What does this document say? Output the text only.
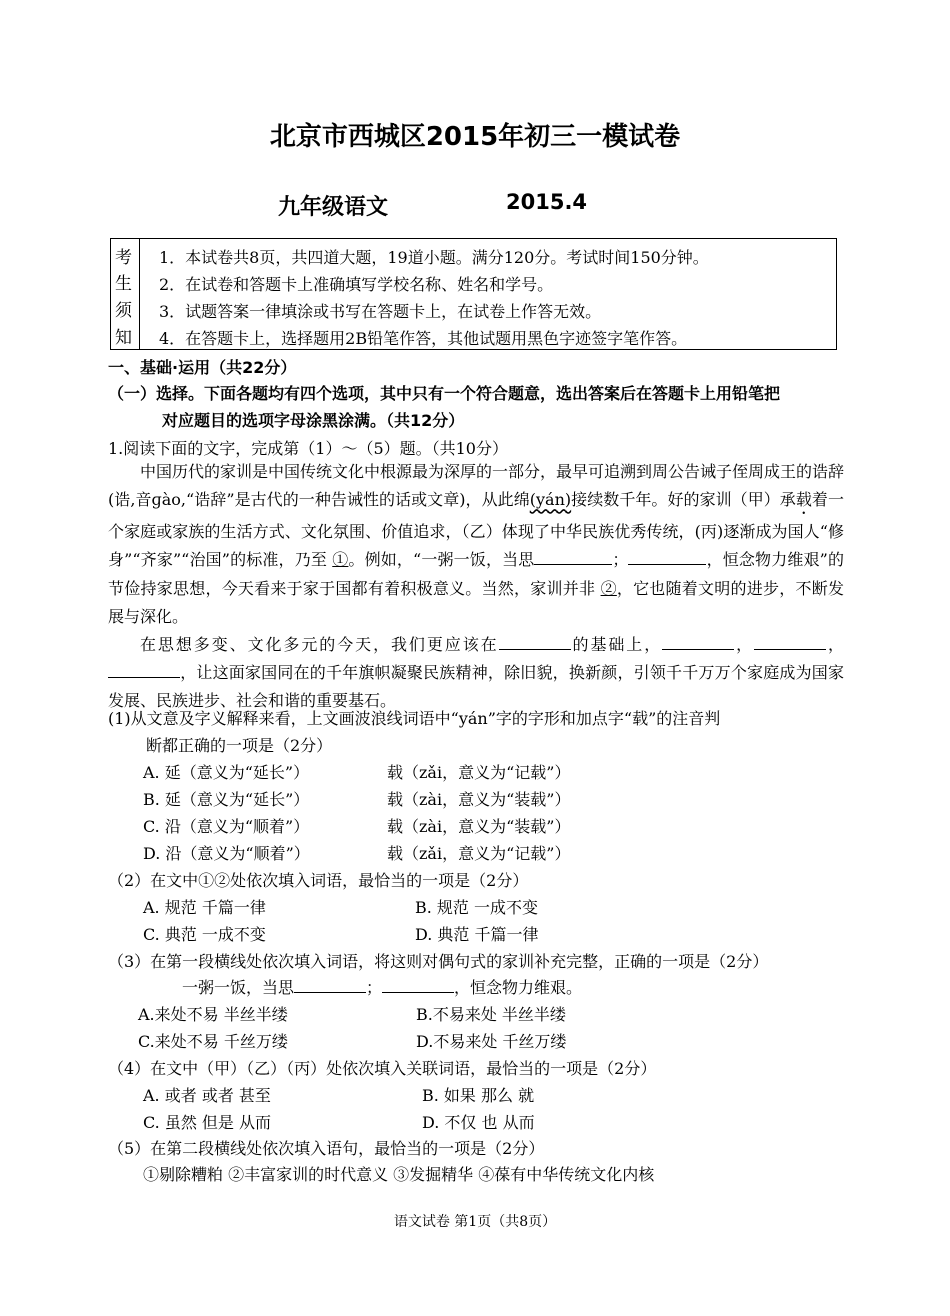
北京市西城区2015年初三一模试卷
九年级语文	2015.4
考
生
须
知
1．本试卷共8页，共四道大题，19道小题。满分120分。考试时间150分钟。
2．在试卷和答题卡上准确填写学校名称、姓名和学号。
3．试题答案一律填涂或书写在答题卡上，在试卷上作答无效。
4．在答题卡上，选择题用2B铅笔作答，其他试题用黑色字迹签字笔作答。
一、基础·运用（共22分）
（一）选择。下面各题均有四个选项，其中只有一个符合题意，选出答案后在答题卡上用铅笔把
对应题目的选项字母涂黑涂满。（共12分）
1.阅读下面的文字，完成第（1）～（5）题。（共10分）

中国历代的家训是中国传统文化中根源最为深厚的一部分，最早可追溯到周公告诫子侄周成王的诰辞(诰,音ɡào,“诰辞”是古代的一种告诫性的话或文章)，从此绵(yán)接续数千年。好的家训（甲）承载着一个家庭或家族的生活方式、文化氛围、价值追求，（乙）体现了中华民族优秀传统，(丙)逐渐成为国人“修身”“齐家”“治国”的标准，乃至 ①。例如，“一粥一饭，当思	；	，恒念物力维艰”的节俭持家思想，今天看来于家于国都有着积极意义。当然，家训并非 ②，它也随着文明的进步，不断发展与深化。

在思想多变、文化多元的今天，我们更应该在	的基础上，	，	，，让这面家国同在的千年旗帜凝聚民族精神，除旧貌，换新颜，引领千千万万个家庭成为国家发展、民族进步、社会和谐的重要基石。

(1)从文意及字义解释来看，上文画波浪线词语中“yán”字的字形和加点字“载”的注音判
断都正确的一项是（2分）
A. 延（意义为“延长”）	载（zǎi，意义为“记载”）
B. 延（意义为“延长”）	载（zài，意义为“装载”）
C. 沿（意义为“顺着”）	载（zài，意义为“装载”）
D. 沿（意义为“顺着”）	载（zǎi，意义为“记载”）
（2）在文中①②处依次填入词语，最恰当的一项是（2分）
A. 规范 千篇一律	B. 规范 一成不变
C. 典范 一成不变	D. 典范 千篇一律
（3）在第一段横线处依次填入词语，将这则对偶句式的家训补充完整，正确的一项是（2分）
一粥一饭，当思	；	，恒念物力维艰。
A.来处不易 半丝半缕	B.不易来处 半丝半缕
C.来处不易 千丝万缕	D.不易来处 千丝万缕
（4）在文中（甲）（乙）（丙）处依次填入关联词语，最恰当的一项是（2分）
A. 或者 或者 甚至	B. 如果 那么 就
C. 虽然 但是 从而	D. 不仅 也 从而
（5）在第二段横线处依次填入语句，最恰当的一项是（2分）
①剔除糟粕 ②丰富家训的时代意义 ③发掘精华 ④葆有中华传统文化内核
语文试卷 第1页（共8页）
